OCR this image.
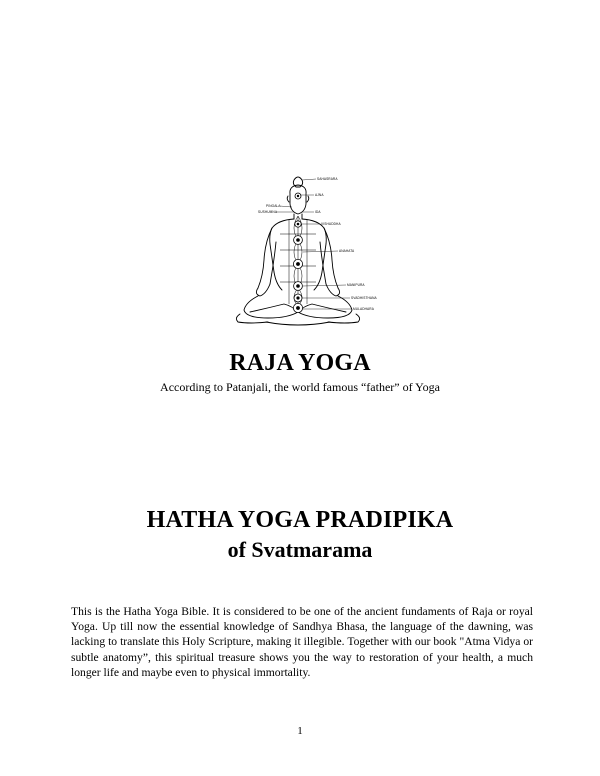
SAHASRARA
AJNA
PINGALA
SUSHUMNA	IDA
VISHUDDHA
ANAHATA
MANIPURA
SVADHISTHANA
MULADHARA
RAJA YOGA
According to Patanjali, the world famous “father” of Yoga
HATHA YOGA PRADIPIKA
of Svatmarama

This is the Hatha Yoga Bible. It is considered to be one of the ancient fundaments of Raja or royal Yoga. Up till now the essential knowledge of Sandhya Bhasa, the language of the dawning, was lacking to translate this Holy Scripture, making it illegible. Together with our book "Atma Vidya or subtle anatomy”, this spiritual treasure shows you the way to restoration of your health, a much longer life and maybe even to physical immortality.

1
